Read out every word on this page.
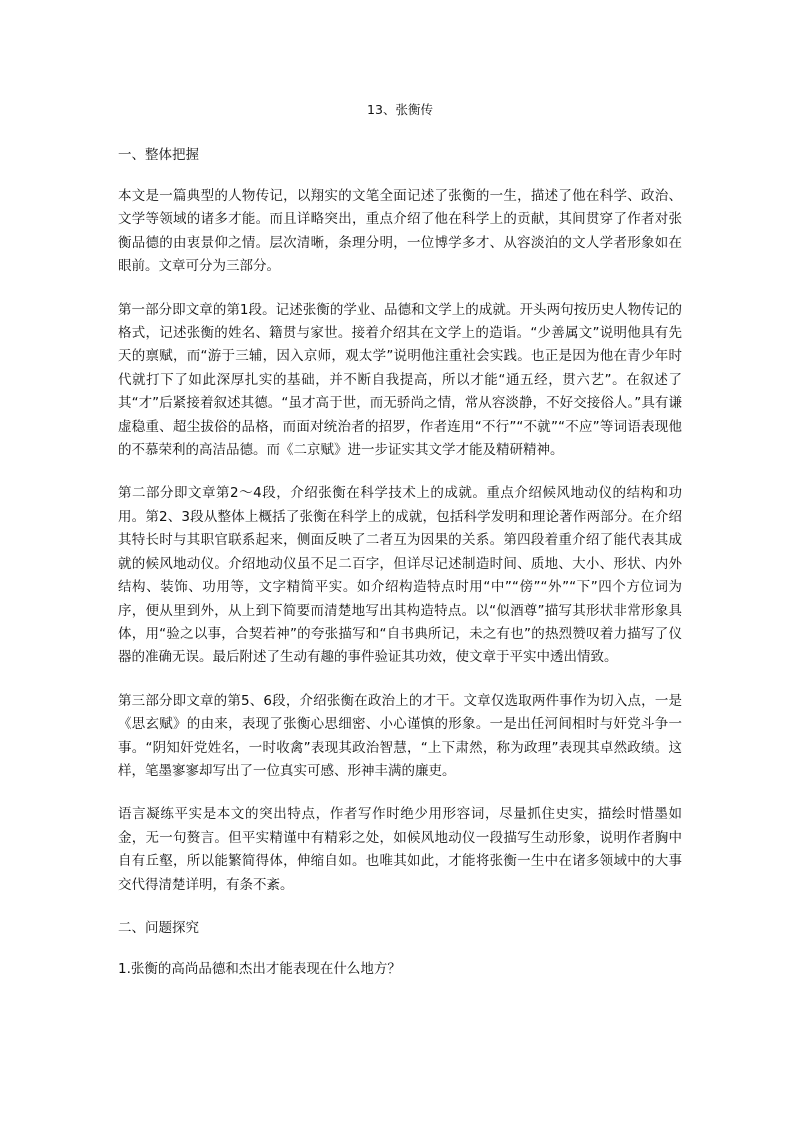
13、张衡传
一、整体把握

本文是一篇典型的人物传记，以翔实的文笔全面记述了张衡的一生，描述了他在科学、政治、文学等领域的诸多才能。而且详略突出，重点介绍了他在科学上的贡献，其间贯穿了作者对张衡品德的由衷景仰之情。层次清晰，条理分明，一位博学多才、从容淡泊的文人学者形象如在眼前。文章可分为三部分。

第一部分即文章的第1段。记述张衡的学业、品德和文学上的成就。开头两句按历史人物传记的格式，记述张衡的姓名、籍贯与家世。接着介绍其在文学上的造诣。“少善属文”说明他具有先天的禀赋，而“游于三辅，因入京师，观太学”说明他注重社会实践。也正是因为他在青少年时代就打下了如此深厚扎实的基础，并不断自我提高，所以才能“通五经，贯六艺”。在叙述了其“才”后紧接着叙述其德。“虽才高于世，而无骄尚之情，常从容淡静，不好交接俗人。”具有谦虚稳重、超尘拔俗的品格，而面对统治者的招罗，作者连用“不行”“不就”“不应”等词语表现他的不慕荣利的高洁品德。而《二京赋》进一步证实其文学才能及精研精神。

第二部分即文章第2～4段，介绍张衡在科学技术上的成就。重点介绍候风地动仪的结构和功用。第2、3段从整体上概括了张衡在科学上的成就，包括科学发明和理论著作两部分。在介绍其特长时与其职官联系起来，侧面反映了二者互为因果的关系。第四段着重介绍了能代表其成就的候风地动仪。介绍地动仪虽不足二百字，但详尽记述制造时间、质地、大小、形状、内外结构、装饰、功用等，文字精简平实。如介绍构造特点时用“中”“傍”“外”“下”四个方位词为序，便从里到外，从上到下简要而清楚地写出其构造特点。以“似酒尊”描写其形状非常形象具体，用“验之以事，合契若神”的夸张描写和“自书典所记，未之有也”的热烈赞叹着力描写了仪器的准确无误。最后附述了生动有趣的事件验证其功效，使文章于平实中透出情致。

第三部分即文章的第5、6段，介绍张衡在政治上的才干。文章仅选取两件事作为切入点，一是《思玄赋》的由来，表现了张衡心思细密、小心谨慎的形象。一是出任河间相时与奸党斗争一事。“阴知奸党姓名，一时收禽”表现其政治智慧，“上下肃然，称为政理”表现其卓然政绩。这样，笔墨寥寥却写出了一位真实可感、形神丰满的廉吏。

语言凝练平实是本文的突出特点，作者写作时绝少用形容词，尽量抓住史实，描绘时惜墨如金，无一句赘言。但平实精谨中有精彩之处，如候风地动仪一段描写生动形象，说明作者胸中自有丘壑，所以能繁简得体，伸缩自如。也唯其如此，才能将张衡一生中在诸多领域中的大事交代得清楚详明，有条不紊。

二、问题探究

1.张衡的高尚品德和杰出才能表现在什么地方？
